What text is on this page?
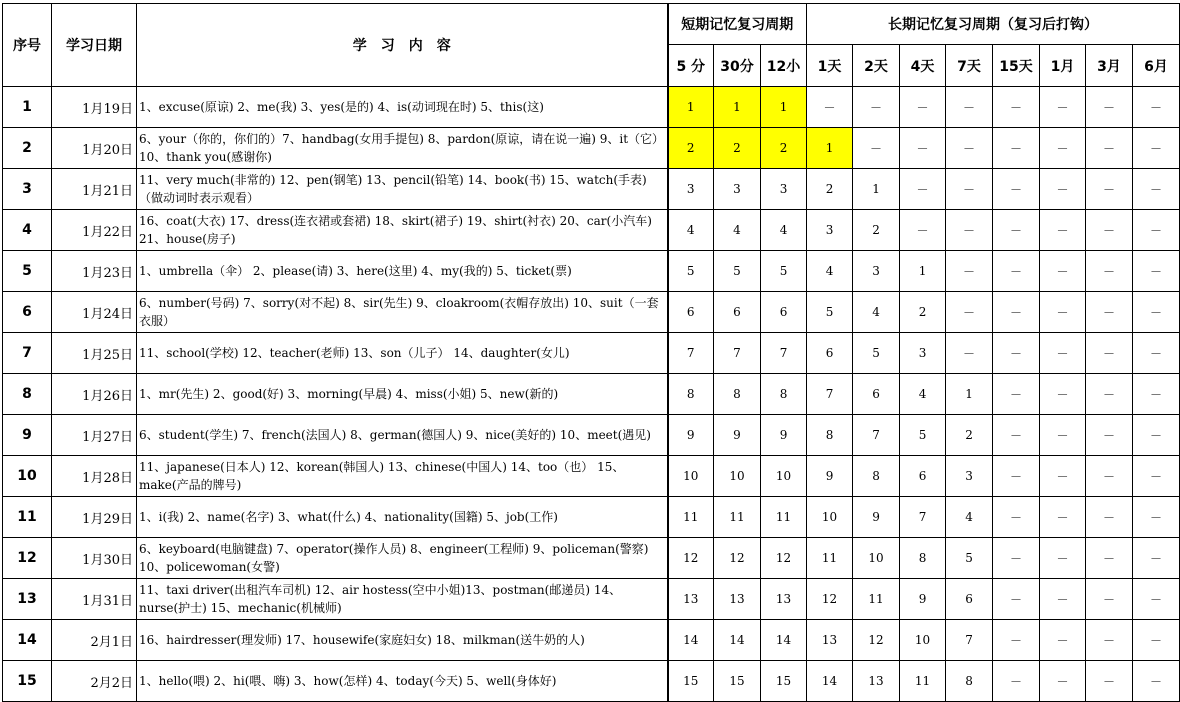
序号	学习日期	学　习　内　容	短期记忆复习周期			长期记忆复习周期（复习后打钩）							
			5 分	30分	12小	1天	2天	4天	7天	15天	1月	3月	6月
1	1月19日	1、excuse(原谅) 2、me(我) 3、yes(是的) 4、is(动词现在时) 5、this(这)	1	1	1	－	－	－	－	－	－	－	－
2	1月20日	6、your（你的，你们的）7、handbag(女用手提包) 8、pardon(原谅，请在说一遍) 9、it（它）10、thank you(感谢你)	2	2	2	1	－	－	－	－	－	－	－
3	1月21日	11、very much(非常的) 12、pen(钢笔) 13、pencil(铅笔) 14、book(书) 15、watch(手表)（做动词时表示观看）	3	3	3	2	1	－	－	－	－	－	－
4	1月22日	16、coat(大衣) 17、dress(连衣裙或套裙) 18、skirt(裙子) 19、shirt(衬衣) 20、car(小汽车) 21、house(房子)	4	4	4	3	2	－	－	－	－	－	－
5	1月23日	1、umbrella（伞） 2、please(请) 3、here(这里) 4、my(我的) 5、ticket(票)	5	5	5	4	3	1	－	－	－	－	－
6	1月24日	6、number(号码) 7、sorry(对不起) 8、sir(先生) 9、cloakroom(衣帽存放出) 10、suit（一套衣服）	6	6	6	5	4	2	－	－	－	－	－
7	1月25日	11、school(学校) 12、teacher(老师) 13、son（儿子） 14、daughter(女儿)	7	7	7	6	5	3	－	－	－	－	－
8	1月26日	1、mr(先生) 2、good(好) 3、morning(早晨) 4、miss(小姐) 5、new(新的)	8	8	8	7	6	4	1	－	－	－	－
9	1月27日	6、student(学生) 7、french(法国人) 8、german(德国人) 9、nice(美好的) 10、meet(遇见)	9	9	9	8	7	5	2	－	－	－	－
10	1月28日	11、japanese(日本人) 12、korean(韩国人) 13、chinese(中国人) 14、too（也） 15、make(产品的牌号)	10	10	10	9	8	6	3	－	－	－	－
11	1月29日	1、i(我) 2、name(名字) 3、what(什么) 4、nationality(国籍) 5、job(工作)	11	11	11	10	9	7	4	－	－	－	－
12	1月30日	6、keyboard(电脑键盘) 7、operator(操作人员) 8、engineer(工程师) 9、policeman(警察) 10、policewoman(女警)	12	12	12	11	10	8	5	－	－	－	－
13	1月31日	11、taxi driver(出租汽车司机) 12、air hostess(空中小姐)13、postman(邮递员) 14、nurse(护士) 15、mechanic(机械师)	13	13	13	12	11	9	6	－	－	－	－
14	2月1日	16、hairdresser(理发师) 17、housewife(家庭妇女) 18、milkman(送牛奶的人)	14	14	14	13	12	10	7	－	－	－	－
15	2月2日	1、hello(喂) 2、hi(喂、嗨) 3、how(怎样) 4、today(今天) 5、well(身体好)	15	15	15	14	13	11	8	－	－	－	－
